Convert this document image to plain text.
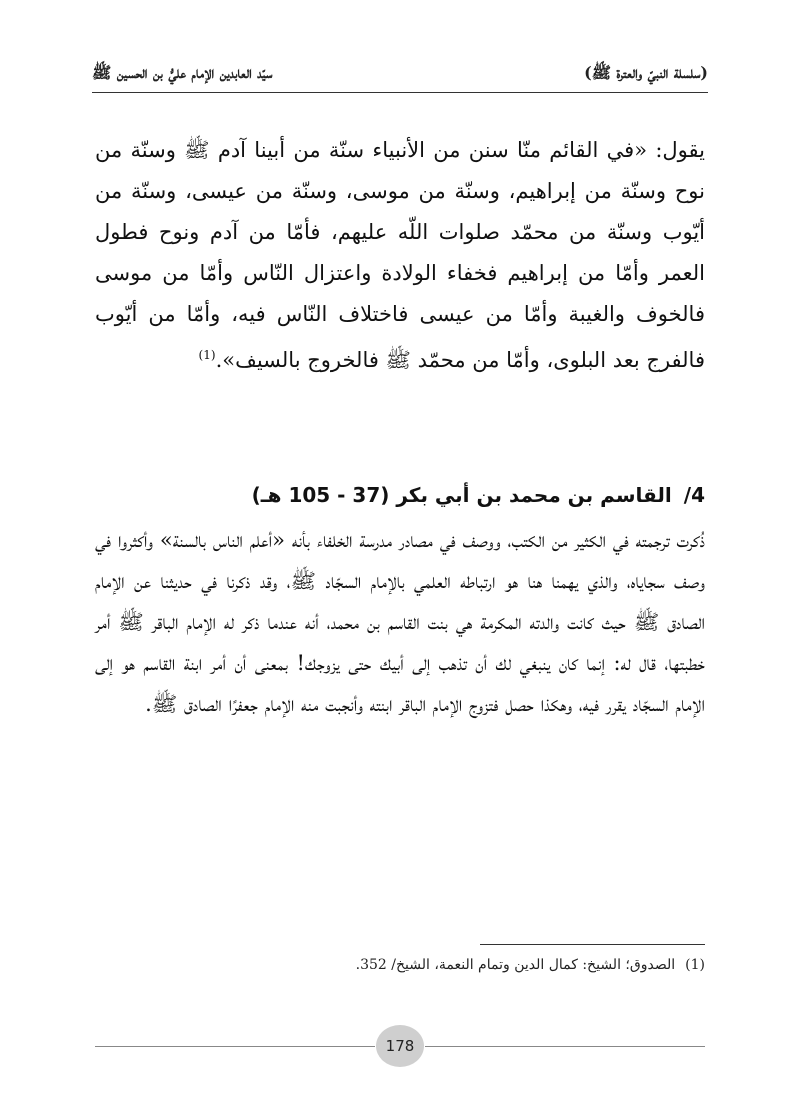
(سلسلة النبيّ والعترة ﷺ)
سيّد العابدين الإمام عليُّ بن الحسين ﷺ

يقول: «في القائم منّا سنن من الأنبياء سنّة من أبينا آدم ﷺ وسنّة من نوح وسنّة من إبراهيم، وسنّة من موسى، وسنّة من عيسى، وسنّة من أيّوب وسنّة من محمّد صلوات اللّه عليهم، فأمّا من آدم ونوح فطول العمر وأمّا من إبراهيم فخفاء الولادة واعتزال النّاس وأمّا من موسى فالخوف والغيبة وأمّا من عيسى فاختلاف النّاس فيه، وأمّا من أيّوب فالفرج بعد البلوى، وأمّا من محمّد ﷺ فالخروج بالسيف».$^{(1)}$

4/القاسم بن محمد بن أبي بكر (37 - 105 هـ)

ذُكرت ترجمته في الكثير من الكتب، ووصف في مصادر مدرسة الخلفاء بأنه «أعلم الناس بالسنة» وأكثروا في وصف سجاياه، والذي يهمنا هنا هو ارتباطه العلمي بالإمام السجّاد ﷺ، وقد ذكرنا في حديثنا عن الإمام الصادق ﷺ حيث كانت والدته المكرمة هي بنت القاسم بن محمد، أنه عندما ذكر له الإمام الباقر ﷺ أمر خطبتها، قال له: إنما كان ينبغي لك أن تذهب إلى أبيك حتى يزوجك! بمعنى أن أمر ابنة القاسم هو إلى الإمام السجّاد يقرر فيه، وهكذا حصل فتزوج الإمام الباقر ابنته وأنجبت منه الإمام جعفرًا الصادق ﷺ.

(1)الصدوق؛ الشيخ: كمال الدين وتمام النعمة، الشيخ/ 352.
178
